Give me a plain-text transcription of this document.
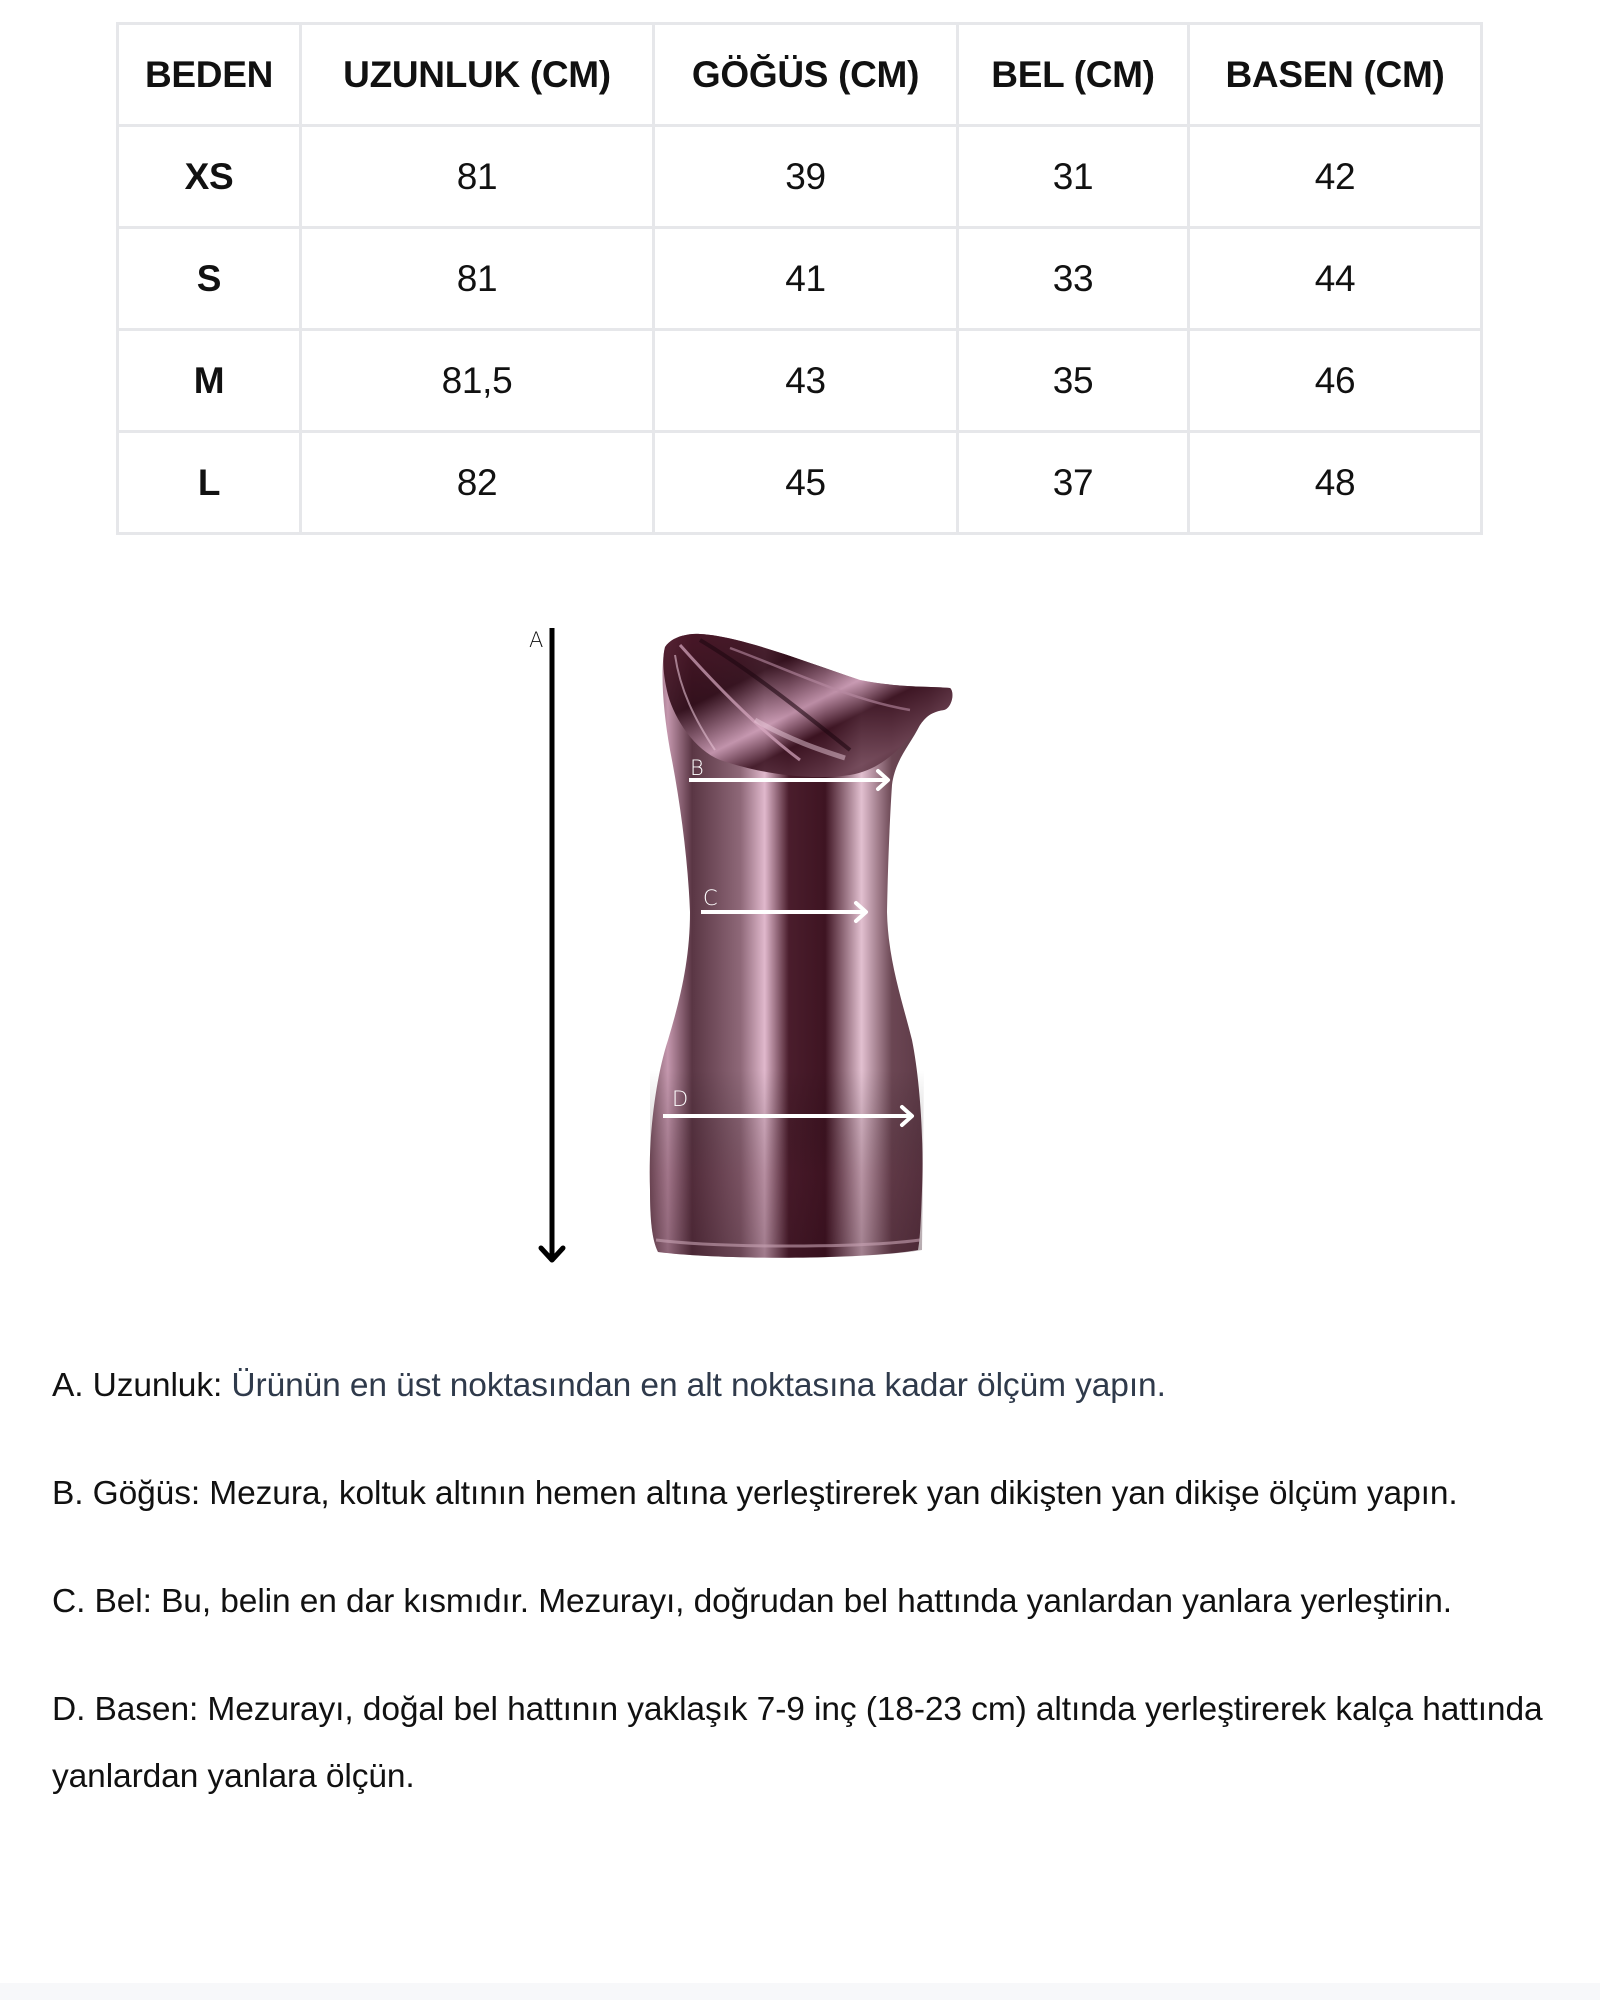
BEDEN	UZUNLUK (CM)	GÖĞÜS (CM)	BEL (CM)	BASEN (CM)
XS	81	39	31	42
S	81	41	33	44
M	81,5	43	35	46
L	82	45	37	48
A
B
C
D

A. Uzunluk: Ürünün en üst noktasından en alt noktasına kadar ölçüm yapın.

B. Göğüs: Mezura, koltuk altının hemen altına yerleştirerek yan dikişten yan dikişe ölçüm yapın.

C. Bel: Bu, belin en dar kısmıdır. Mezurayı, doğrudan bel hattında yanlardan yanlara yerleştirin.

D. Basen: Mezurayı, doğal bel hattının yaklaşık 7-9 inç (18-23 cm) altında yerleştirerek kalça hattında yanlardan yanlara ölçün.
